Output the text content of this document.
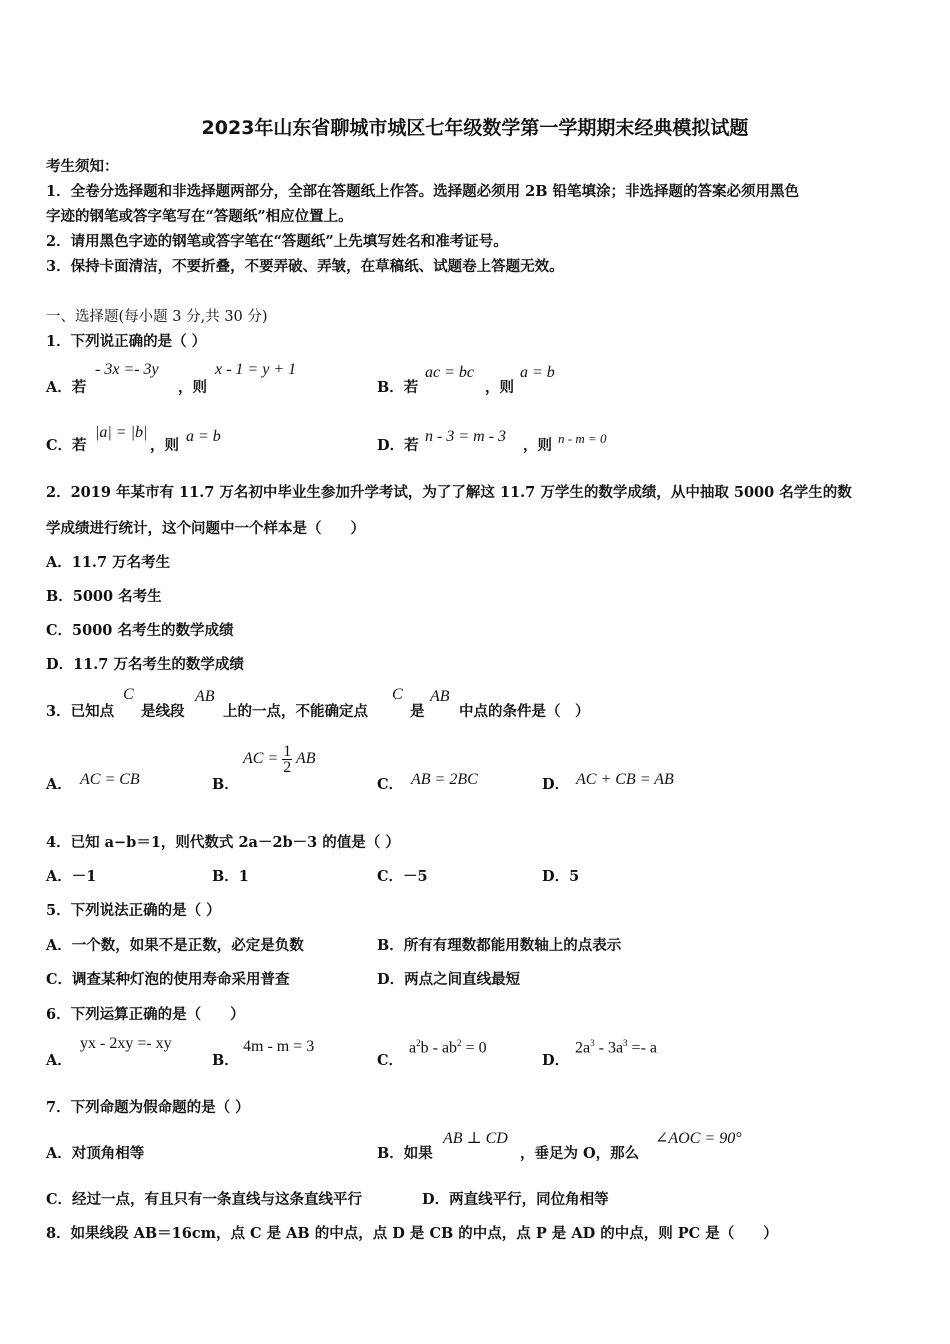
2023年山东省聊城市城区七年级数学第一学期期末经典模拟试题
考生须知：
1．全卷分选择题和非选择题两部分，全部在答题纸上作答。选择题必须用 2B 铅笔填涂；非选择题的答案必须用黑色
字迹的钢笔或答字笔写在“答题纸”相应位置上。
2．请用黑色字迹的钢笔或答字笔在“答题纸”上先填写姓名和准考证号。
3．保持卡面清洁，不要折叠，不要弄破、弄皱，在草稿纸、试题卷上答题无效。
一、选择题(每小题 3 分,共 30 分)
1．下列说正确的是（ ）
A．若
- 3x =- 3y
，则
x - 1 = y + 1
B．若
ac = bc
，则
a = b
C．若
|a| = |b|
，则
a = b
D．若
n - 3 = m - 3
，则 n - m = 0
2．2019 年某市有 11.7 万名初中毕业生参加升学考试，为了了解这 11.7 万学生的数学成绩，从中抽取 5000 名学生的数
学成绩进行统计，这个问题中一个样本是（　　）
A．11.7 万名考生
B．5000 名考生
C．5000 名考生的数学成绩
D．11.7 万名考生的数学成绩
3．已知点
C
是线段
AB
上的一点，不能确定点
C
是
AB
中点的条件是（　）
A． AC = CB	B．
AC = $\frac{1}{2}$ AB
C． AB = 2BC	D． AC + CB = AB
4．已知 a−b＝1，则代数式 2a－2b－3 的值是（ ）
A．－1	B．1	C．－5	D．5
5．下列说法正确的是（ ）
A．一个数，如果不是正数，必定是负数	B．所有有理数都能用数轴上的点表示
C．调查某种灯泡的使用寿命采用普查	D．两点之间直线最短
6．下列运算正确的是（　　）
A．
yx - 2xy =- xy
B．
4m - m = 3
C．
$a^2b - ab^2 = 0$
D．
$2a^3 - 3a^3 =- a$
7．下列命题为假命题的是（ ）
A．对顶角相等	B．如果
AB ⊥ CD
，垂足为 O，那么
∠AOC = 90°
C．经过一点，有且只有一条直线与这条直线平行	D．两直线平行，同位角相等
8．如果线段 AB＝16cm，点 C 是 AB 的中点，点 D 是 CB 的中点，点 P 是 AD 的中点，则 PC 是（　　）
